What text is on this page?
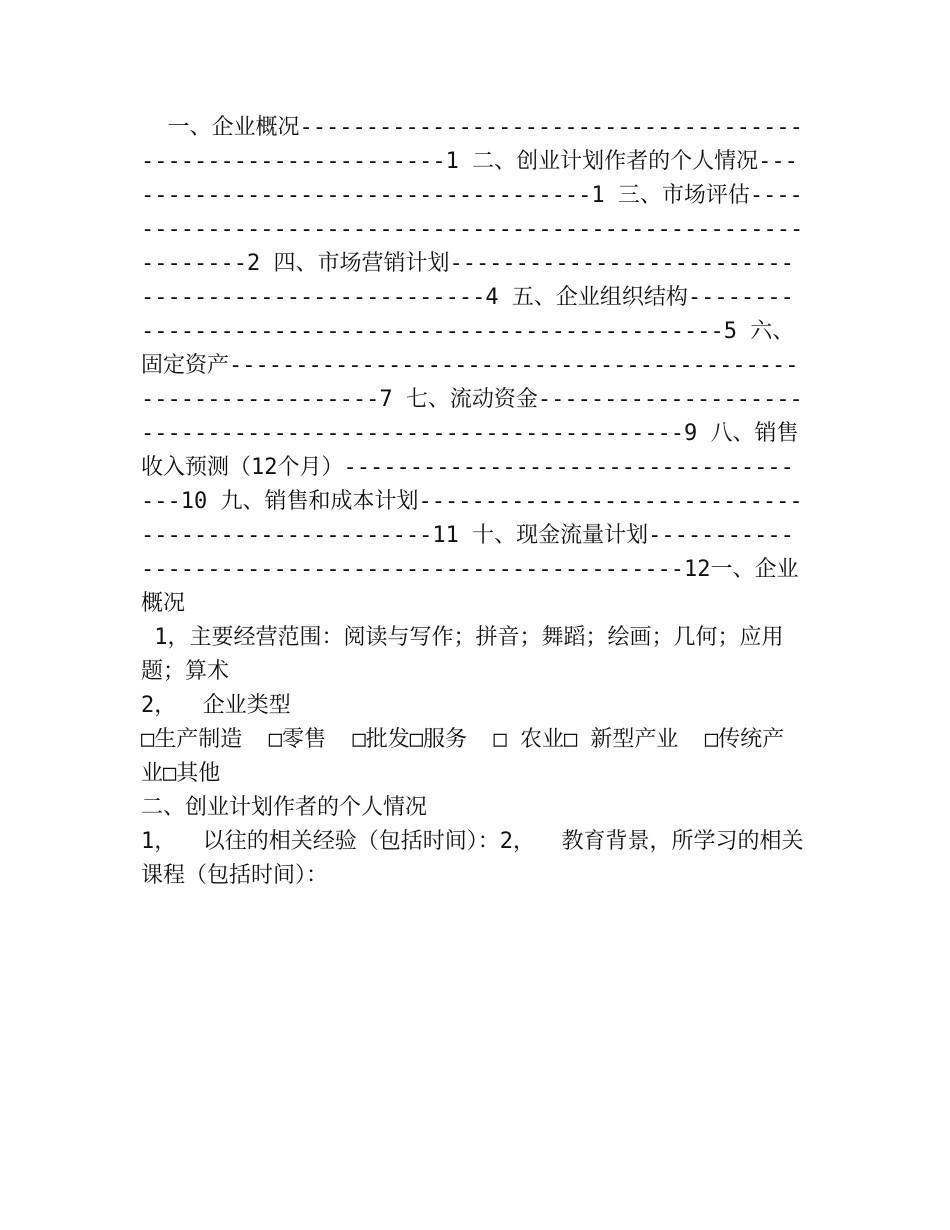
一、企业概况-------------------------------------------------------------1 二、创业计划作者的个人情况-------------------------------------1 三、市场评估--------------------------------------------------------------2 四、市场营销计划----------------------------------------------------4 五、企业组织结构----------------------------------------------------5 六、固定资产-------------------------------------------------------------7 七、流动资金-------------------------------------------------------------9 八、销售收入预测（12个月）-------------------------------------10 九、销售和成本计划---------------------------------------------------11 十、现金流量计划----------------------------------------------------12一、企业概况

1，主要经营范围：阅读与写作；拼音；舞蹈；绘画；几何；应用题；算术
2，  企业类型
□生产制造  □零售  □批发□服务  □ 农业□ 新型产业  □传统产业□其他
二、创业计划作者的个人情况
1，  以往的相关经验（包括时间）：2，  教育背景，所学习的相关课程（包括时间）：
